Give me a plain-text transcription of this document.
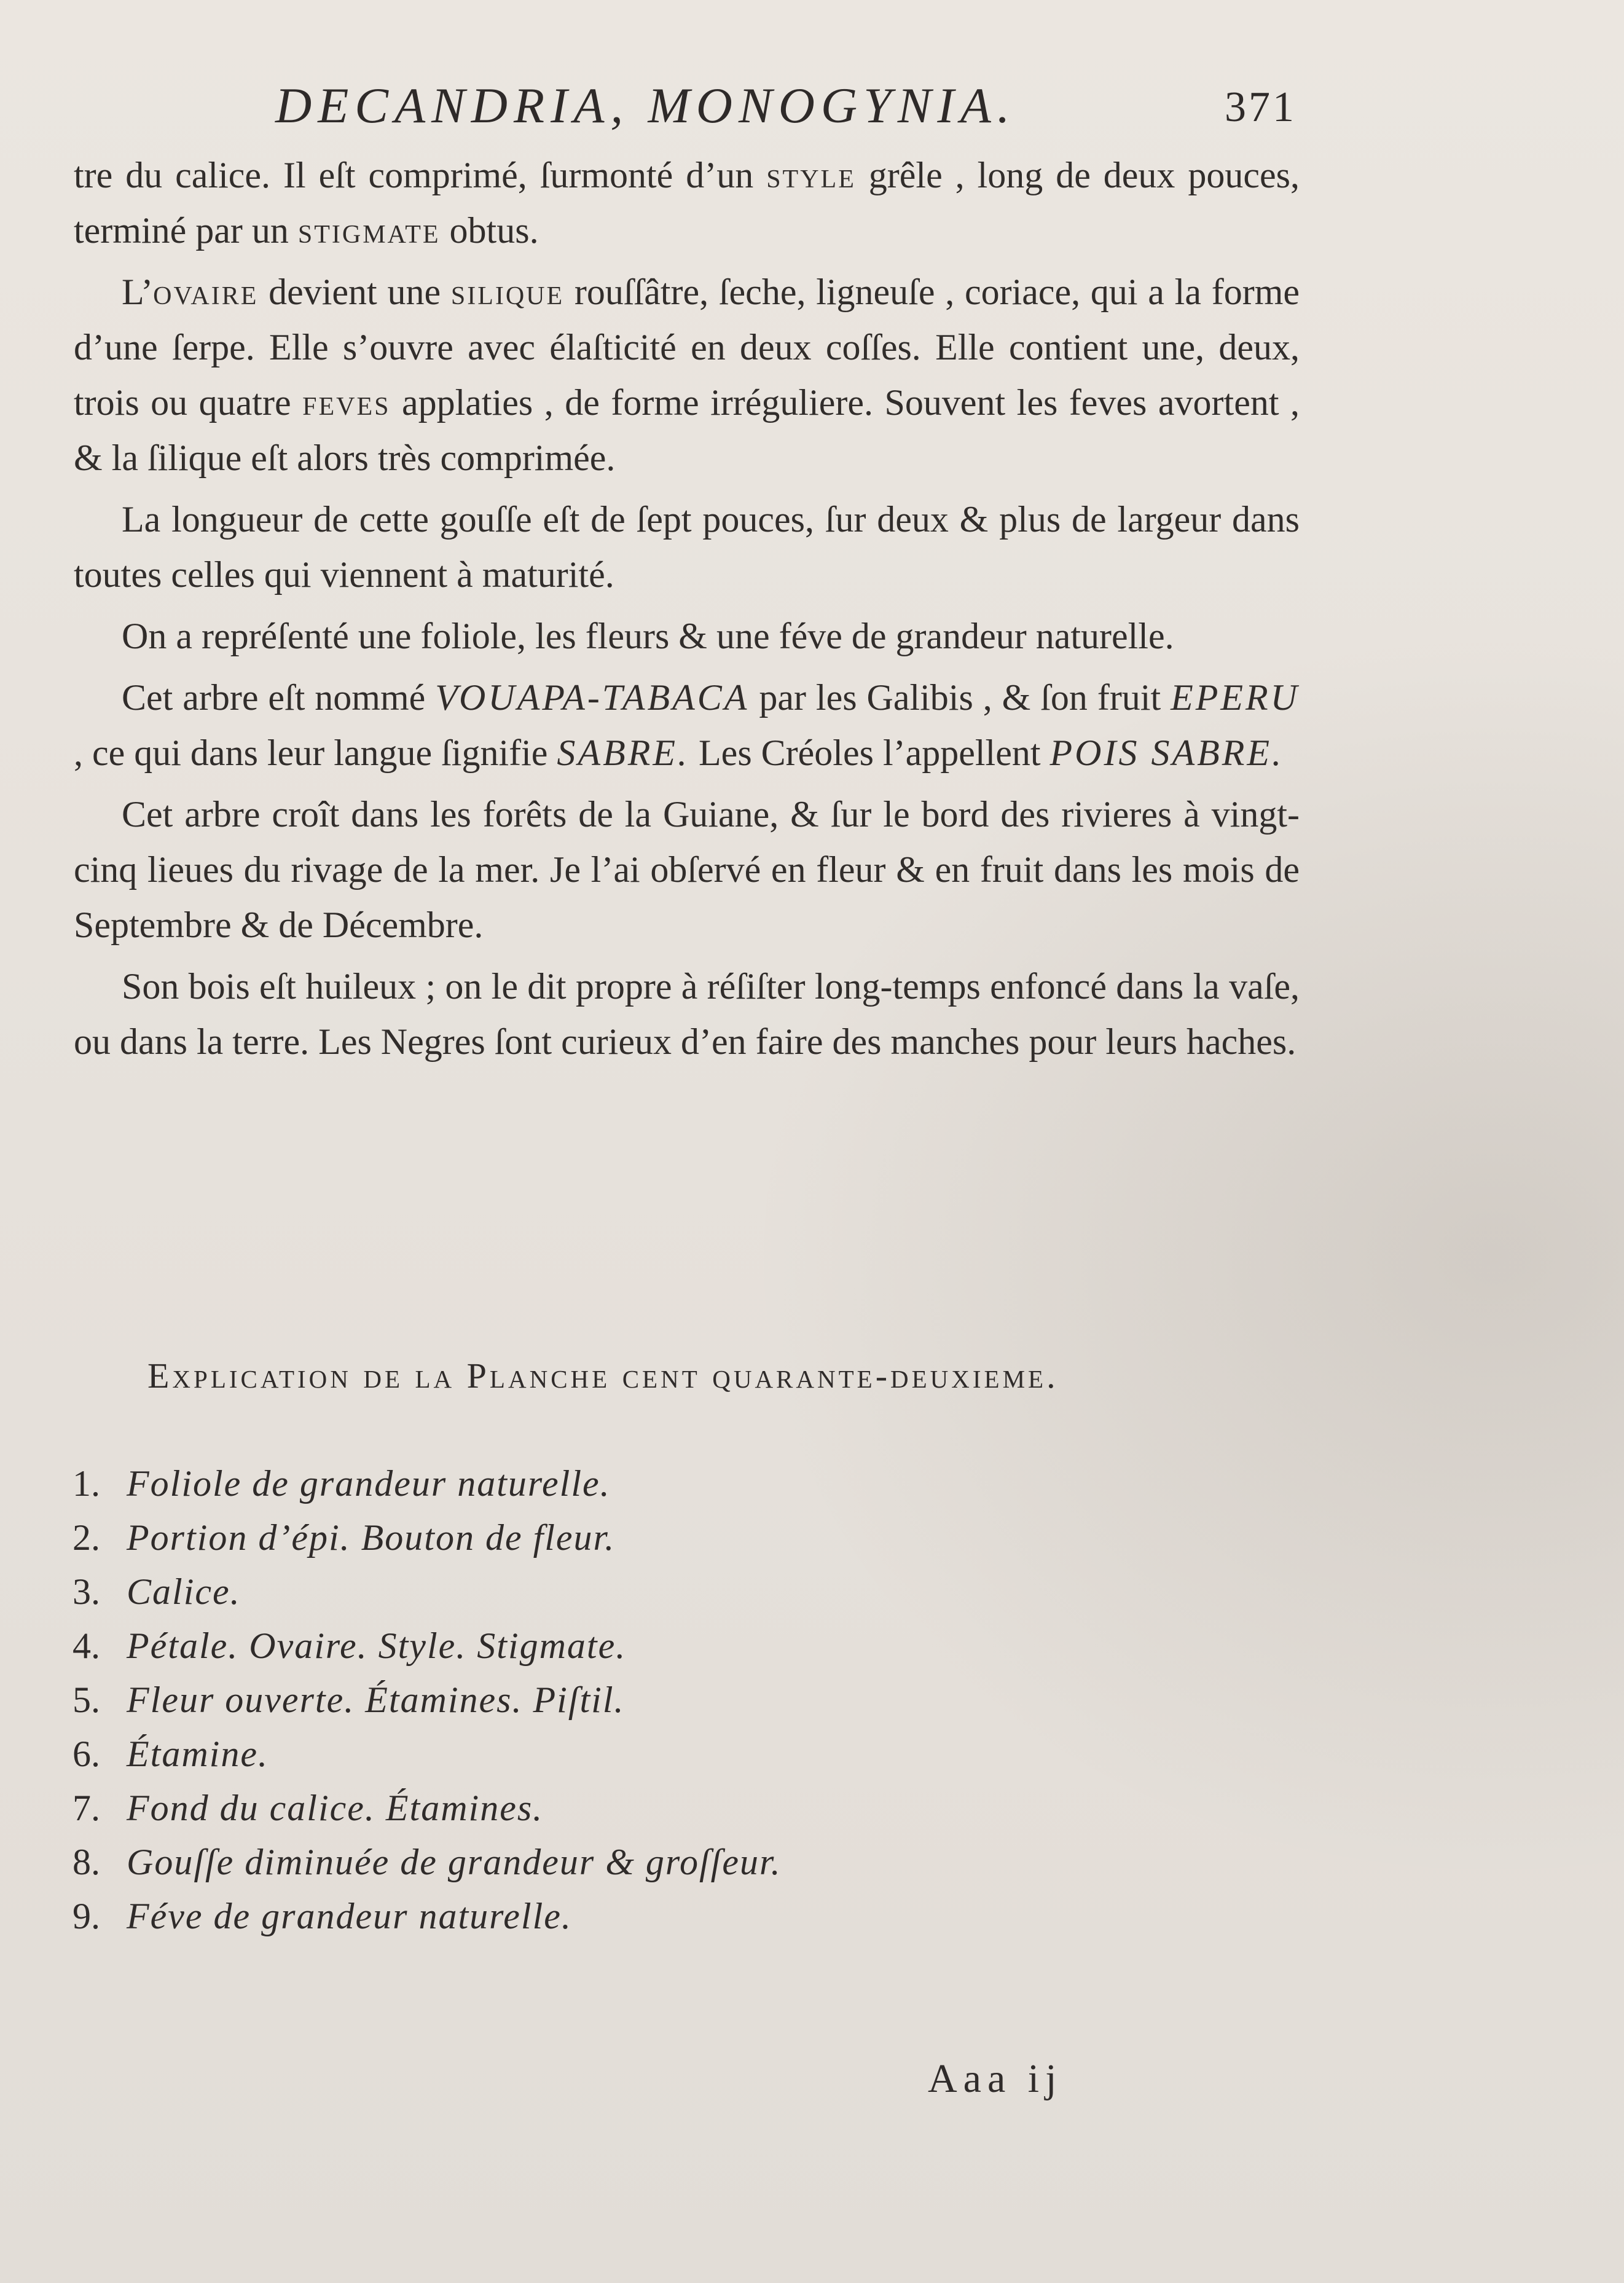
DECANDRIA, MONOGYNIA.	371

tre du calice. Il eſt comprimé, ſurmonté d’un style grêle , long de deux pouces, terminé par un stigmate obtus.

L’ovaire devient une silique rouſſâtre, ſeche, ligneuſe , coriace, qui a la forme d’une ſerpe. Elle s’ouvre avec élaſticité en deux coſſes. Elle contient une, deux, trois ou quatre feves applaties , de forme irréguliere. Souvent les feves avortent , & la ſilique eſt alors très comprimée.

La longueur de cette gouſſe eſt de ſept pouces, ſur deux & plus de largeur dans toutes celles qui viennent à maturité.

On a repréſenté une foliole, les fleurs & une féve de grandeur naturelle.

Cet arbre eſt nommé VOUAPA-TABACA par les Galibis , & ſon fruit EPERU , ce qui dans leur langue ſignifie SABRE. Les Créoles l’appellent POIS SABRE.

Cet arbre croît dans les forêts de la Guiane, & ſur le bord des rivieres à vingt-cinq lieues du rivage de la mer. Je l’ai obſervé en fleur & en fruit dans les mois de Septembre & de Décembre.

Son bois eſt huileux ; on le dit propre à réſiſter long-temps enfoncé dans la vaſe, ou dans la terre. Les Negres ſont curieux d’en faire des manches pour leurs haches.

Explication de la Planche cent quarante-deuxieme.
1. Foliole de grandeur naturelle.
2. Portion d’épi. Bouton de fleur.
3. Calice.
4. Pétale. Ovaire. Style. Stigmate.
5. Fleur ouverte. Étamines. Piſtil.
6. Étamine.
7. Fond du calice. Étamines.
8. Gouſſe diminuée de grandeur & groſſeur.
9. Féve de grandeur naturelle.
Aaa ij
